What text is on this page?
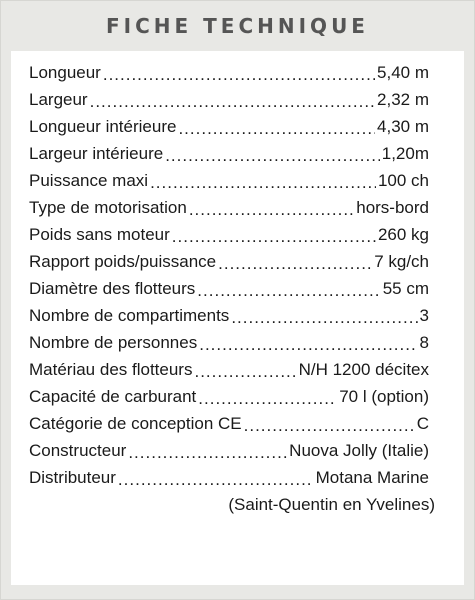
FICHE TECHNIQUE
Longueur .....	5,40 m
Largeur .....	2,32 m
Longueur intérieure .....	4,30 m
Largeur intérieure .....	1,20m
Puissance maxi .....	100 ch
Type de motorisation .....	hors-bord
Poids sans moteur .....	260 kg
Rapport poids/puissance .....	7 kg/ch
Diamètre des flotteurs .....	55 cm
Nombre de compartiments .....	3
Nombre de personnes .....	8
Matériau des flotteurs .....	N/H 1200 décitex
Capacité de carburant .....	70 l (option)
Catégorie de conception CE .....	C
Constructeur .....	Nuova Jolly (Italie)
Distributeur .....	Motana Marine
(Saint-Quentin en Yvelines)
